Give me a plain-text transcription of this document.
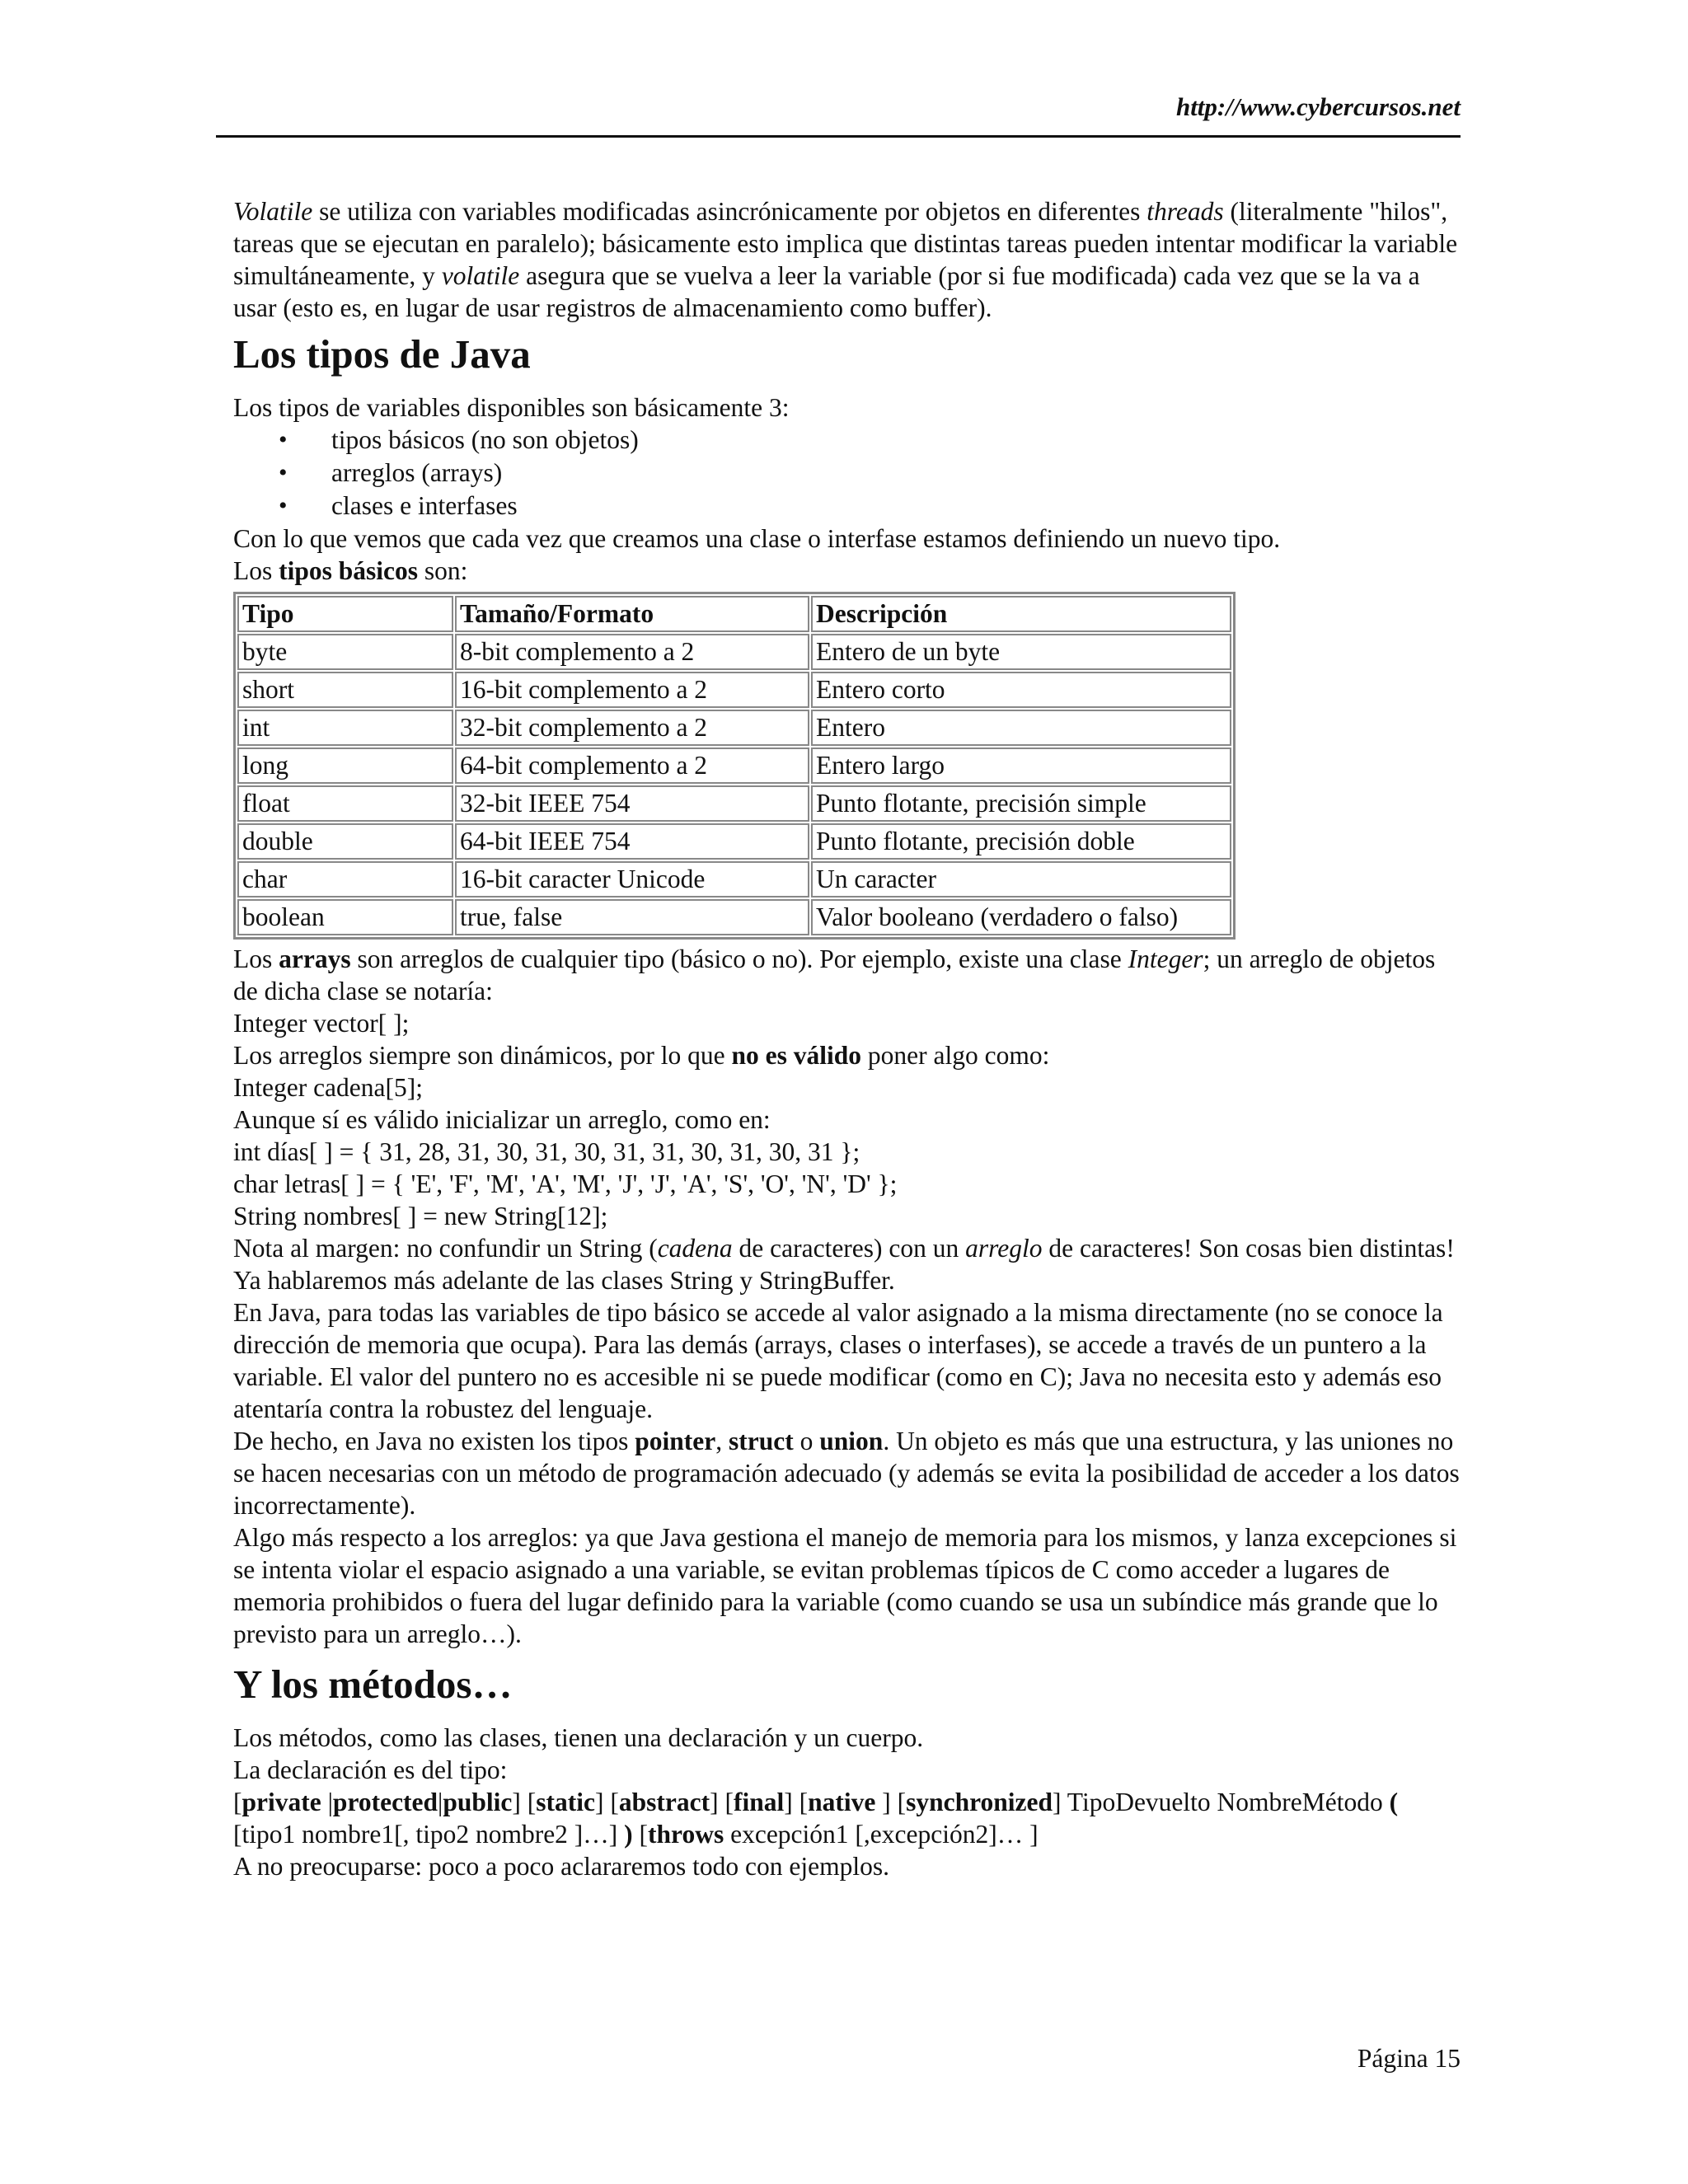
http://www.cybercursos.net

Volatile se utiliza con variables modificadas asincrónicamente por objetos en diferentes threads (literalmente "hilos", tareas que se ejecutan en paralelo); básicamente esto implica que distintas tareas pueden intentar modificar la variable simultáneamente, y volatile asegura que se vuelva a leer la variable (por si fue modificada) cada vez que se la va a usar (esto es, en lugar de usar registros de almacenamiento como buffer).

Los tipos de Java

Los tipos de variables disponibles son básicamente 3:

• tipos básicos (no son objetos)
• arreglos (arrays)
• clases e interfases

Con lo que vemos que cada vez que creamos una clase o interfase estamos definiendo un nuevo tipo.

Los tipos básicos son:

Tipo	Tamaño/Formato	Descripción
byte	8-bit complemento a 2	Entero de un byte
short	16-bit complemento a 2	Entero corto
int	32-bit complemento a 2	Entero
long	64-bit complemento a 2	Entero largo
float	32-bit IEEE 754	Punto flotante, precisión simple
double	64-bit IEEE 754	Punto flotante, precisión doble
char	16-bit caracter Unicode	Un caracter
boolean	true, false	Valor booleano (verdadero o falso)

Los arrays son arreglos de cualquier tipo (básico o no). Por ejemplo, existe una clase Integer; un arreglo de objetos de dicha clase se notaría:

Integer vector[ ];

Los arreglos siempre son dinámicos, por lo que no es válido poner algo como:

Integer cadena[5];

Aunque sí es válido inicializar un arreglo, como en:

int días[ ] = { 31, 28, 31, 30, 31, 30, 31, 31, 30, 31, 30, 31 };

char letras[ ] = { 'E', 'F', 'M', 'A', 'M', 'J', 'J', 'A', 'S', 'O', 'N', 'D' };

String nombres[ ] = new String[12];

Nota al margen: no confundir un String (cadena de caracteres) con un arreglo de caracteres! Son cosas bien distintas!

Ya hablaremos más adelante de las clases String y StringBuffer.

En Java, para todas las variables de tipo básico se accede al valor asignado a la misma directamente (no se conoce la dirección de memoria que ocupa). Para las demás (arrays, clases o interfases), se accede a través de un puntero a la variable. El valor del puntero no es accesible ni se puede modificar (como en C); Java no necesita esto y además eso atentaría contra la robustez del lenguaje.

De hecho, en Java no existen los tipos pointer, struct o union. Un objeto es más que una estructura, y las uniones no se hacen necesarias con un método de programación adecuado (y además se evita la posibilidad de acceder a los datos incorrectamente).

Algo más respecto a los arreglos: ya que Java gestiona el manejo de memoria para los mismos, y lanza excepciones si se intenta violar el espacio asignado a una variable, se evitan problemas típicos de C como acceder a lugares de memoria prohibidos o fuera del lugar definido para la variable (como cuando se usa un subíndice más grande que lo previsto para un arreglo…).

Y los métodos…

Los métodos, como las clases, tienen una declaración y un cuerpo.

La declaración es del tipo:

[private |protected|public] [static] [abstract] [final] [native ] [synchronized] TipoDevuelto NombreMétodo ( [tipo1 nombre1[, tipo2 nombre2 ]…] ) [throws excepción1 [,excepción2]… ]

A no preocuparse: poco a poco aclararemos todo con ejemplos.

Página 15
